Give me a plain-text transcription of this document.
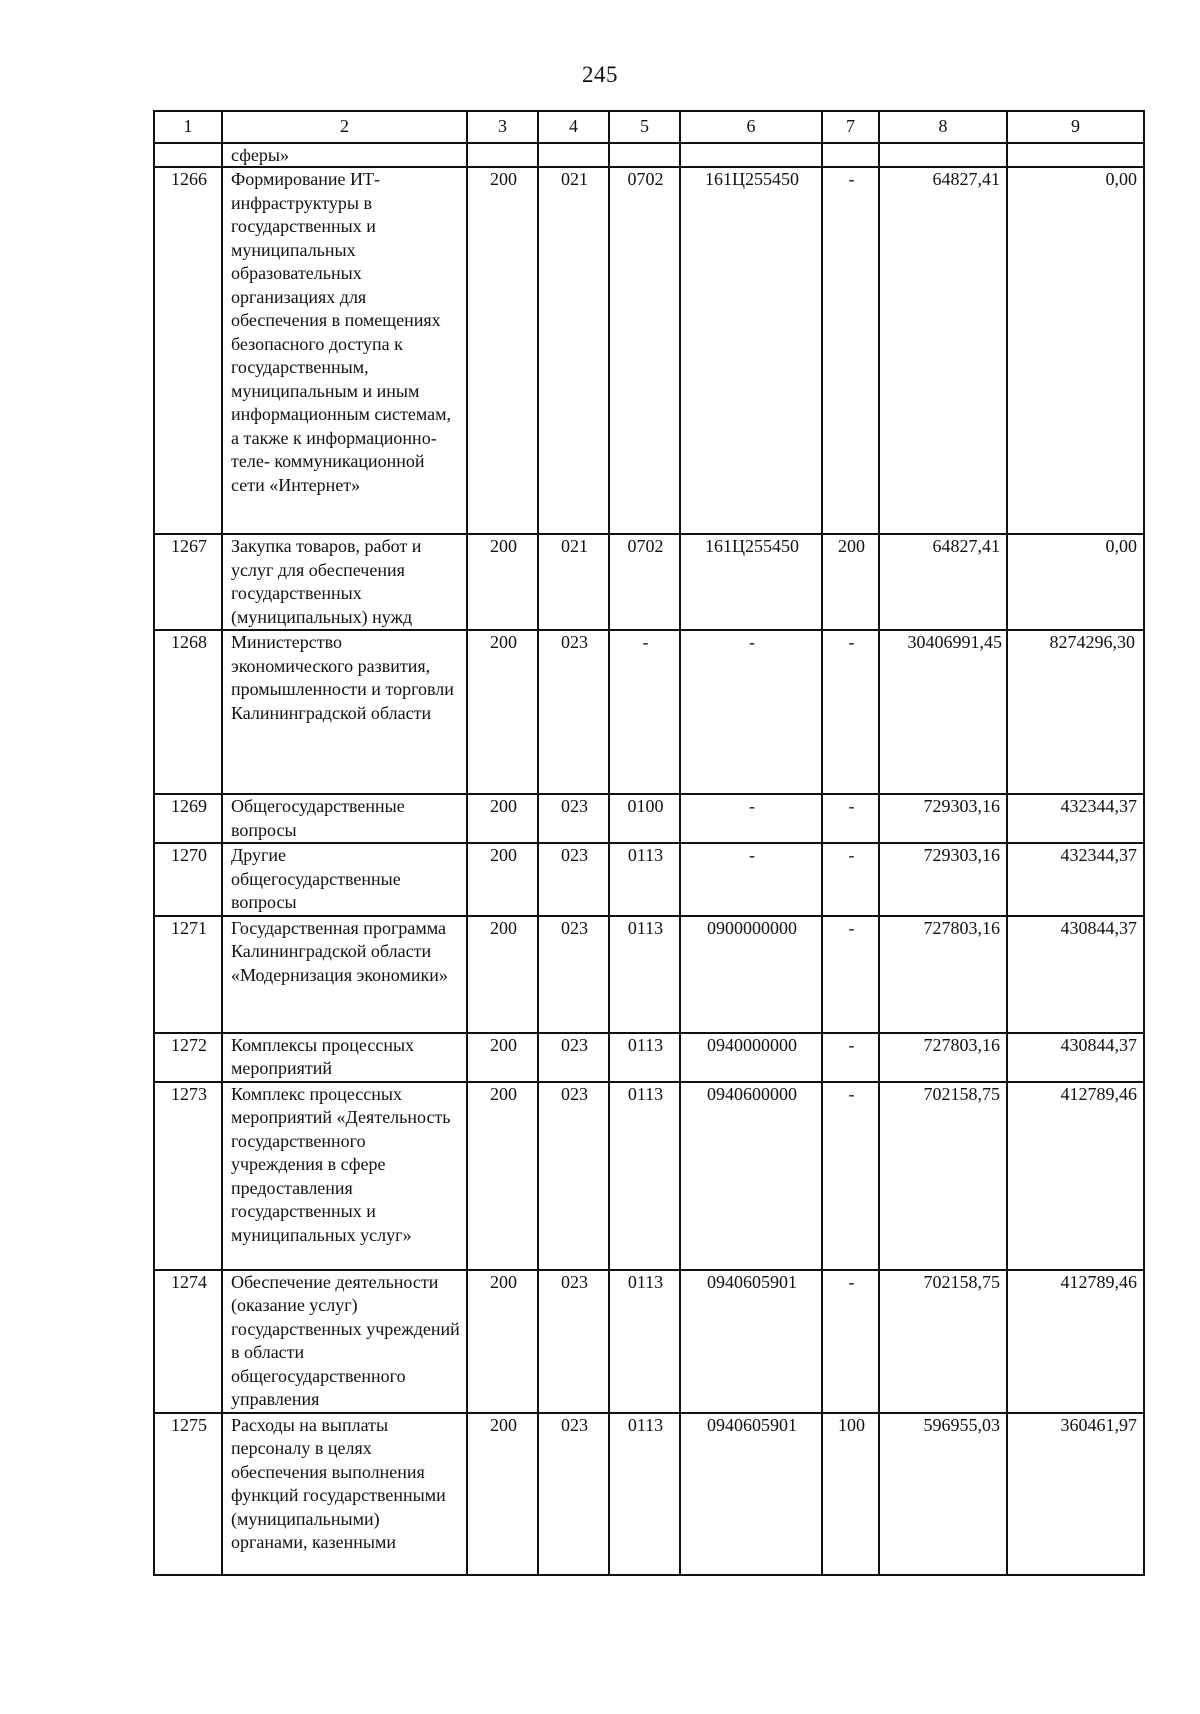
245
1	2	3	4	5	6	7	8	9
	сферы»							
1266	Формирование ИТ-инфраструктуры в государственных и муниципальных образовательных организациях для обеспечения в помещениях безопасного доступа к государственным, муниципальным и иным информационным системам, а также к информационно-теле- коммуникационной сети «Интернет»	200	021	0702	161Ц255450	-	64827,41	0,00
1267	Закупка товаров, работ и услуг для обеспечения государственных (муниципальных) нужд	200	021	0702	161Ц255450	200	64827,41	0,00
1268	Министерство экономического развития, промышленности и торговли Калининградской области	200	023	-	-	-	30406991,45	8274296,30
1269	Общегосударственные вопросы	200	023	0100	-	-	729303,16	432344,37
1270	Другие общегосударственные вопросы	200	023	0113	-	-	729303,16	432344,37
1271	Государственная программа Калининградской области «Модернизация экономики»	200	023	0113	0900000000	-	727803,16	430844,37
1272	Комплексы процессных мероприятий	200	023	0113	0940000000	-	727803,16	430844,37
1273	Комплекс процессных мероприятий «Деятельность государственного учреждения в сфере предоставления государственных и муниципальных услуг»	200	023	0113	0940600000	-	702158,75	412789,46
1274	Обеспечение деятельности (оказание услуг) государственных учреждений в области общегосударственного управления	200	023	0113	0940605901	-	702158,75	412789,46
1275	Расходы на выплаты персоналу в целях обеспечения выполнения функций государственными (муниципальными) органами, казенными	200	023	0113	0940605901	100	596955,03	360461,97
